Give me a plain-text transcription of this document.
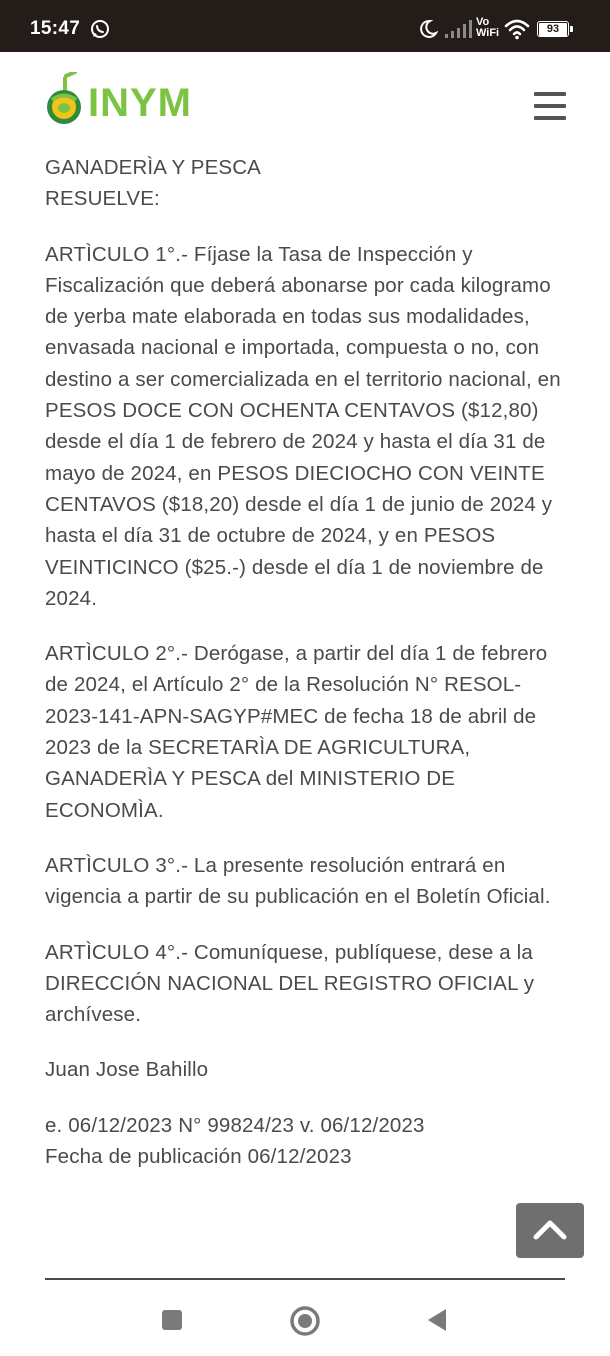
15:47	Vo
WiFi	93
INYM

GANADERÌA Y PESCA
RESUELVE:

ARTÌCULO 1°.- Fíjase la Tasa de Inspección y Fiscalización que deberá abonarse por cada kilogramo de yerba mate elaborada en todas sus modalidades, envasada nacional e importada, compuesta o no, con destino a ser comercializada en el territorio nacional, en PESOS DOCE CON OCHENTA CENTAVOS ($12,80) desde el día 1 de febrero de 2024 y hasta el día 31 de mayo de 2024, en PESOS DIECIOCHO CON VEINTE CENTAVOS ($18,20) desde el día 1 de junio de 2024 y hasta el día 31 de octubre de 2024, y en PESOS VEINTICINCO ($25.-) desde el día 1 de noviembre de 2024.

ARTÌCULO 2°.- Derógase, a partir del día 1 de febrero de 2024, el Artículo 2° de la Resolución N° RESOL-2023-141-APN-SAGYP#MEC de fecha 18 de abril de 2023 de la SECRETARÌA DE AGRICULTURA, GANADERÌA Y PESCA del MINISTERIO DE ECONOMÌA.

ARTÌCULO 3°.- La presente resolución entrará en vigencia a partir de su publicación en el Boletín Oficial.

ARTÌCULO 4°.- Comuníquese, publíquese, dese a la DIRECCIÓN NACIONAL DEL REGISTRO OFICIAL y archívese.

Juan Jose Bahillo

e. 06/12/2023 N° 99824/23 v. 06/12/2023

Fecha de publicación 06/12/2023
